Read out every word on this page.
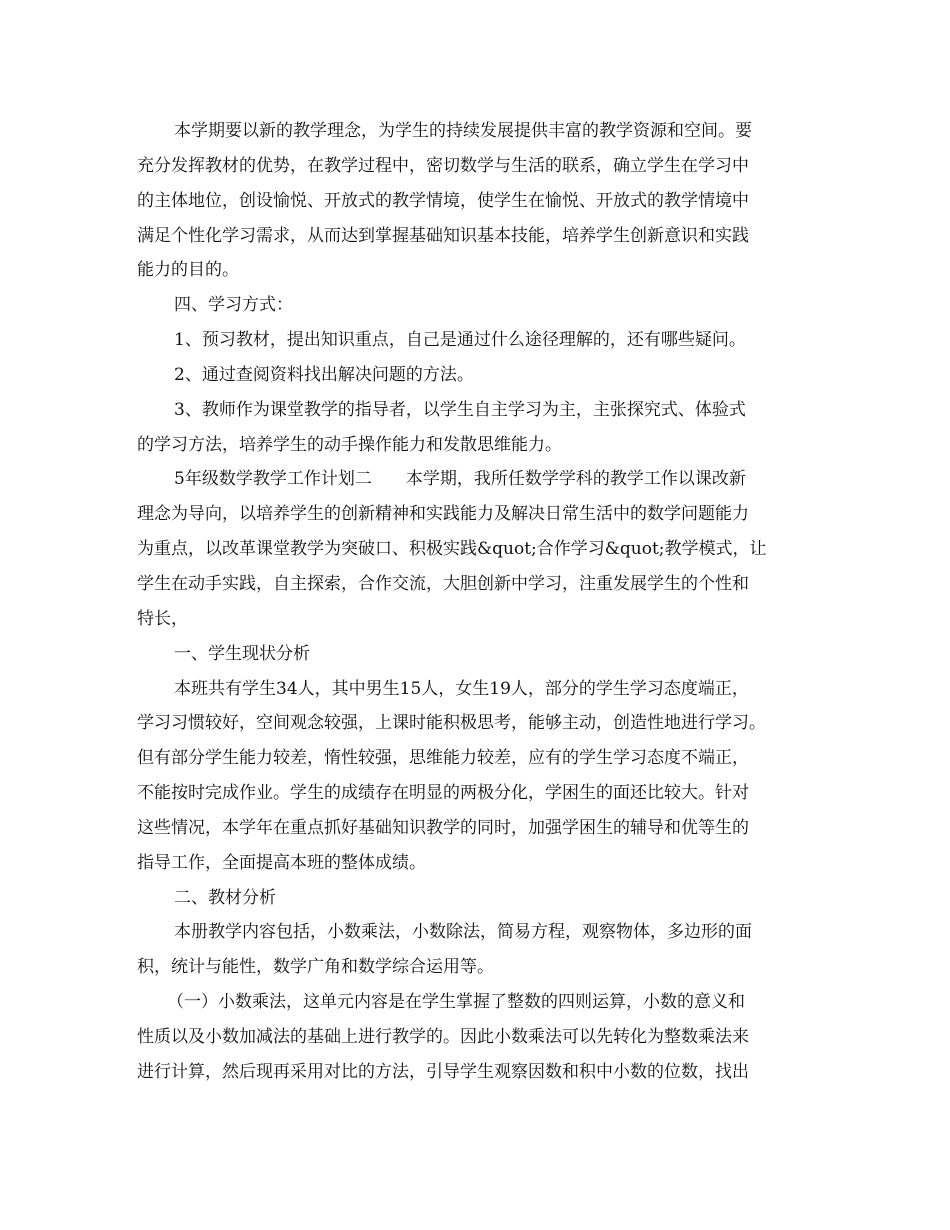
本学期要以新的教学理念，为学生的持续发展提供丰富的教学资源和空间。要
充分发挥教材的优势，在教学过程中，密切数学与生活的联系，确立学生在学习中
的主体地位，创设愉悦、开放式的教学情境，使学生在愉悦、开放式的教学情境中
满足个性化学习需求，从而达到掌握基础知识基本技能，培养学生创新意识和实践
能力的目的。
四、学习方式：
1、预习教材，提出知识重点，自己是通过什么途径理解的，还有哪些疑问。
2、通过查阅资料找出解决问题的方法。
3、教师作为课堂教学的指导者，以学生自主学习为主，主张探究式、体验式
的学习方法，培养学生的动手操作能力和发散思维能力。
5年级数学教学工作计划二　　本学期，我所任数学学科的教学工作以课改新
理念为导向，以培养学生的创新精神和实践能力及解决日常生活中的数学问题能力
为重点，以改革课堂教学为突破口、积极实践&quot;合作学习&quot;教学模式，让
学生在动手实践，自主探索，合作交流，大胆创新中学习，注重发展学生的个性和
特长，
一、学生现状分析
本班共有学生34人，其中男生15人，女生19人，部分的学生学习态度端正，
学习习惯较好，空间观念较强，上课时能积极思考，能够主动，创造性地进行学习。
但有部分学生能力较差，惰性较强，思维能力较差，应有的学生学习态度不端正，
不能按时完成作业。学生的成绩存在明显的两极分化，学困生的面还比较大。针对
这些情况，本学年在重点抓好基础知识教学的同时，加强学困生的辅导和优等生的
指导工作，全面提高本班的整体成绩。
二、教材分析
本册教学内容包括，小数乘法，小数除法，简易方程，观察物体，多边形的面
积，统计与能性，数学广角和数学综合运用等。
（一）小数乘法，这单元内容是在学生掌握了整数的四则运算，小数的意义和
性质以及小数加减法的基础上进行教学的。因此小数乘法可以先转化为整数乘法来
进行计算，然后现再采用对比的方法，引导学生观察因数和积中小数的位数，找出
